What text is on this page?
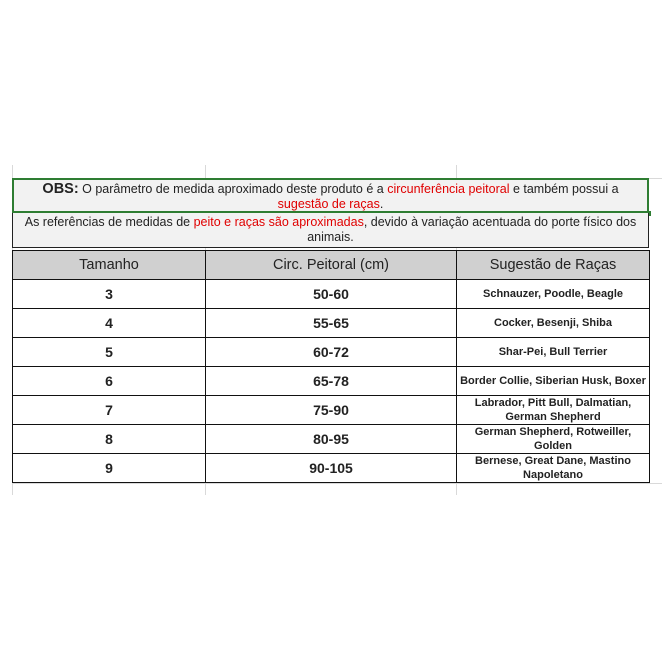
OBS: O parâmetro de medida aproximado deste produto é a circunferência peitoral e também possui a
sugestão de raças.
As referências de medidas de peito e raças são aproximadas, devido à variação acentuada do porte físico dos animais.
Tamanho	Circ. Peitoral (cm)	Sugestão de Raças
3	50-60	Schnauzer, Poodle, Beagle
4	55-65	Cocker, Besenji, Shiba
5	60-72	Shar-Pei, Bull Terrier
6	65-78	Border Collie, Siberian Husk, Boxer
7	75-90	Labrador, Pitt Bull, Dalmatian, German Shepherd
8	80-95	German Shepherd, Rotweiller, Golden
9	90-105	Bernese, Great Dane, Mastino Napoletano
